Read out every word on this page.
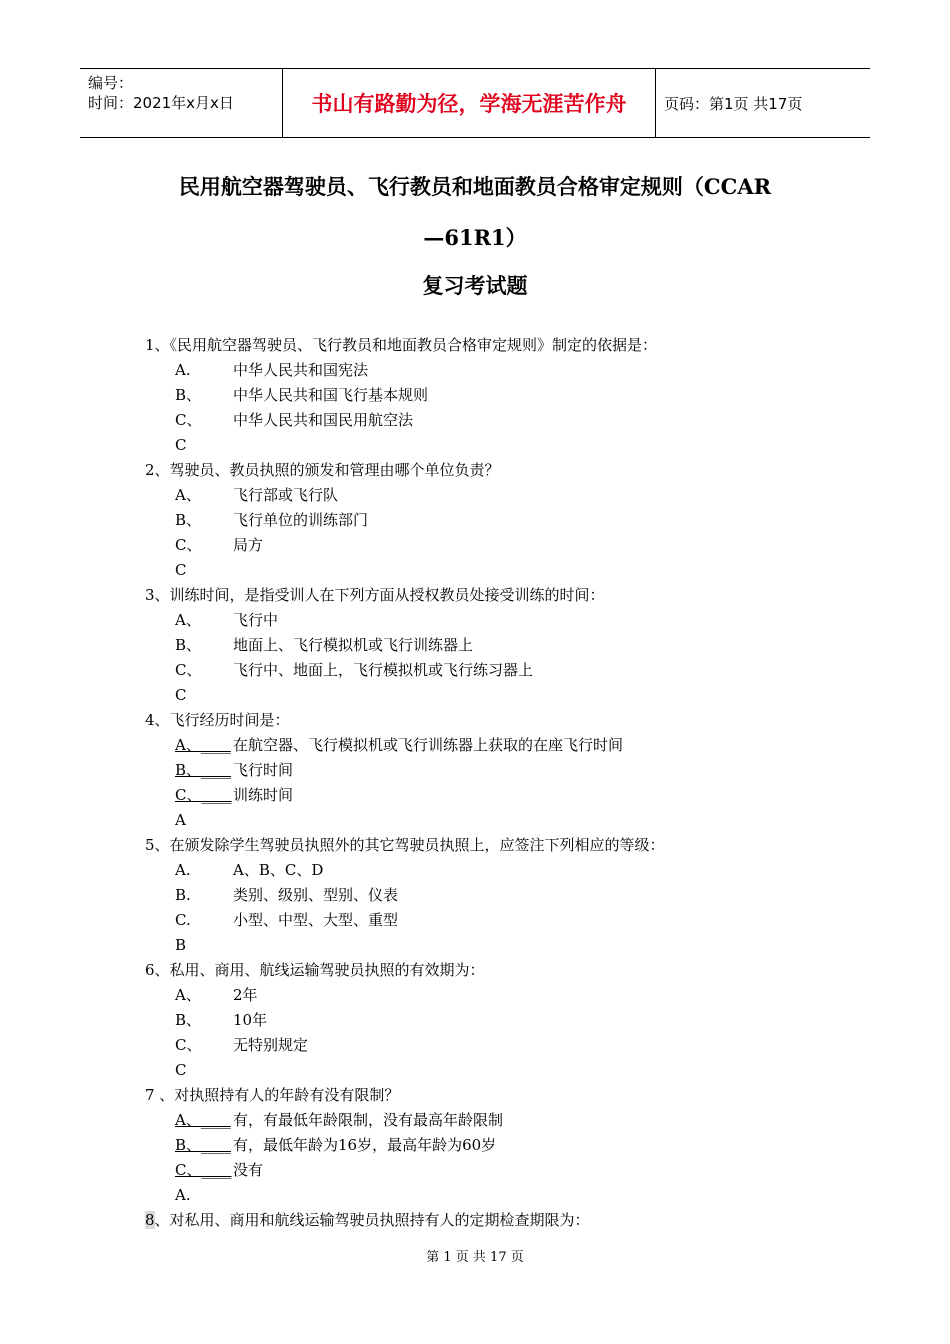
编号：
时间：2021年x月x日	书山有路勤为径，学海无涯苦作舟	页码：第1页 共17页
民用航空器驾驶员、飞行教员和地面教员合格审定规则（CCAR
—61R1）
复习考试题
1、《民用航空器驾驶员、飞行教员和地面教员合格审定规则》制定的依据是：
A.	中华人民共和国宪法
B、 中华人民共和国飞行基本规则
C、 中华人民共和国民用航空法
C
2、驾驶员、教员执照的颁发和管理由哪个单位负责？
A、 飞行部或飞行队
B、 飞行单位的训练部门
C、 局方
C
3、训练时间，是指受训人在下列方面从授权教员处接受训练的时间：
A、 飞行中
B、 地面上、飞行模拟机或飞行训练器上
C、 飞行中、地面上，飞行模拟机或飞行练习器上
C
4、飞行经历时间是：
A、____ 在航空器、飞行模拟机或飞行训练器上获取的在座飞行时间
B、____ 飞行时间
C、____ 训练时间
A
5、在颁发除学生驾驶员执照外的其它驾驶员执照上，应签注下列相应的等级：
A.	A、B、C、D
B.	类别、级别、型别、仪表
C.	小型、中型、大型、重型
B
6、私用、商用、航线运输驾驶员执照的有效期为：
A、 2年
B、 10年
C、 无特别规定
C
7 、对执照持有人的年龄有没有限制？
A、____ 有，有最低年龄限制，没有最高年龄限制
B、____ 有，最低年龄为16岁，最高年龄为60岁
C、____ 没有
A.
8、对私用、商用和航线运输驾驶员执照持有人的定期检查期限为：
第 1 页 共 17 页
